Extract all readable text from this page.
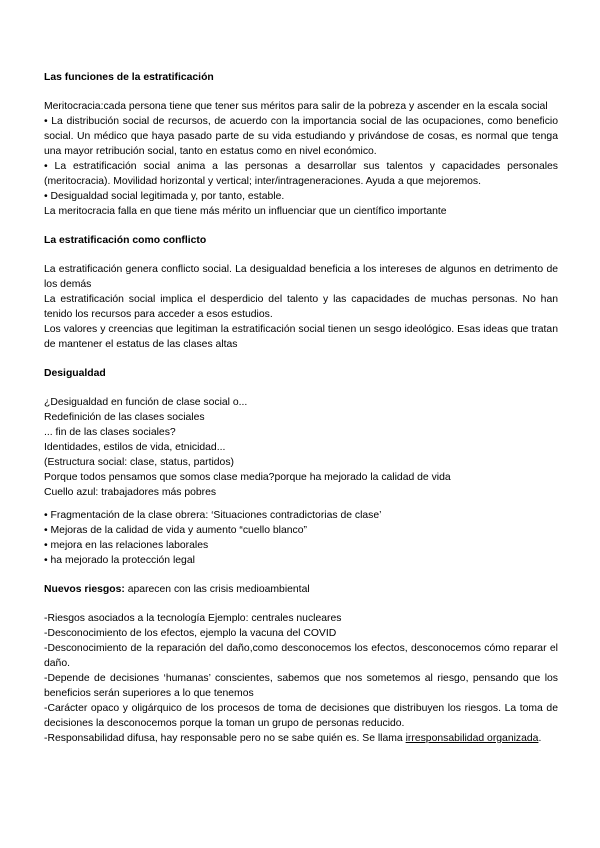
Las funciones de la estratificación

Meritocracia:cada persona tiene que tener sus méritos para salir de la pobreza y ascender en la escala social

• La distribución social de recursos, de acuerdo con la importancia social de las ocupaciones, como beneficio social. Un médico que haya pasado parte de su vida estudiando y privándose de cosas, es normal que tenga una mayor retribución social, tanto en estatus como en nivel económico.

• La estratificación social anima a las personas a desarrollar sus talentos y capacidades personales (meritocracia). Movilidad horizontal y vertical; inter/intrageneraciones. Ayuda a que mejoremos.

• Desigualdad social legitimada y, por tanto, estable.

La meritocracia falla en que tiene más mérito un influenciar que un científico importante

La estratificación como conflicto

La estratificación genera conflicto social. La desigualdad beneficia a los intereses de algunos en detrimento de los demás

La estratificación social implica el desperdicio del talento y las capacidades de muchas personas. No han tenido los recursos para acceder a esos estudios.

Los valores y creencias que legitiman la estratificación social tienen un sesgo ideológico. Esas ideas que tratan de mantener el estatus de las clases altas

Desigualdad

¿Desigualdad en función de clase social o...

Redefinición de las clases sociales

... fin de las clases sociales?

Identidades, estilos de vida, etnicidad...

(Estructura social: clase, status, partidos)

Porque todos pensamos que somos clase media?porque ha mejorado la calidad de vida

Cuello azul: trabajadores más pobres

• Fragmentación de la clase obrera: ‘Situaciones contradictorias de clase’

• Mejoras de la calidad de vida y aumento “cuello blanco”

• mejora en las relaciones laborales

• ha mejorado la protección legal

Nuevos riesgos: aparecen con las crisis medioambiental

-Riesgos asociados a la tecnología Ejemplo: centrales nucleares

-Desconocimiento de los efectos, ejemplo la vacuna del COVID

-Desconocimiento de la reparación del daño,como desconocemos los efectos, desconocemos cómo reparar el daño.

-Depende de decisiones ‘humanas’ conscientes, sabemos que nos sometemos al riesgo, pensando que los beneficios serán superiores a lo que tenemos

-Carácter opaco y oligárquico de los procesos de toma de decisiones que distribuyen los riesgos. La toma de decisiones la desconocemos porque la toman un grupo de personas reducido.

-Responsabilidad difusa, hay responsable pero no se sabe quién es. Se llama irresponsabilidad organizada.
